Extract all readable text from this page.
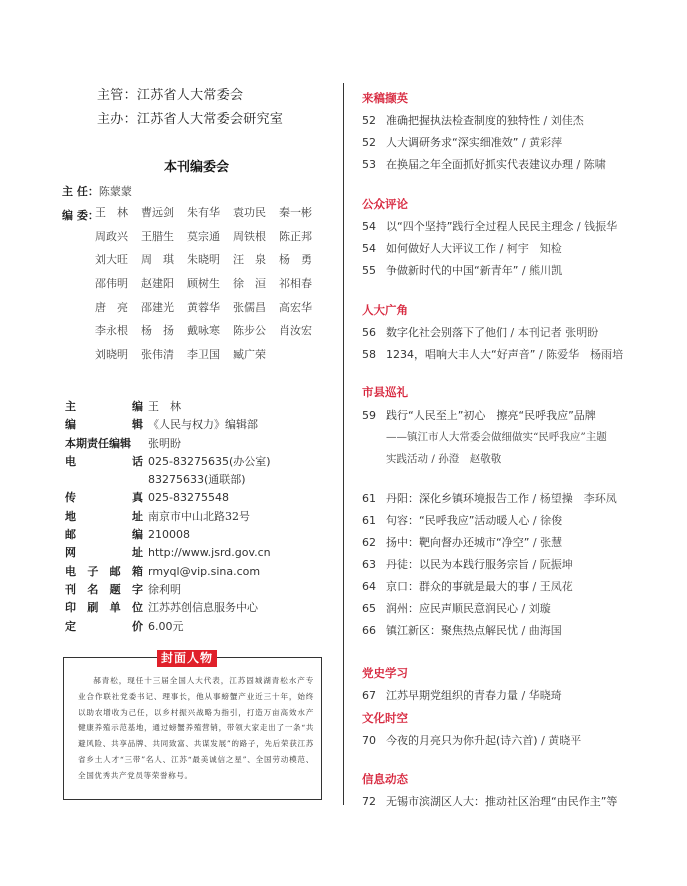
主管：江苏省人大常委会
主办：江苏省人大常委会研究室
本刊编委会
主 任：陈蒙蒙
编 委：
王　林	曹远剑	朱有华	袁功民	秦一彬
周政兴	王腊生	莫宗通	周铁根	陈正邦
刘大旺	周　琪	朱晓明	汪　泉	杨　勇
邵伟明	赵建阳	顾树生	徐　洹	祁相春
唐　亮	邵建光	黄蓉华	张儒昌	高宏华
李永根	杨　扬	戴咏寒	陈步公	肖汝宏
刘晓明	张伟清	李卫国	臧广荣
主	编 王　林
编	辑 《人民与权力》编辑部
本期责任编辑 张明盼
电	话 025-83275635(办公室)
83275633(通联部)
传	真 025-83275548
地	址 南京市中山北路32号
邮	编 210008
网	址 http://www.jsrd.gov.cn
电 子 邮 箱 rmyql@vip.sina.com
刊 名 题 字 徐利明
印 刷 单 位 江苏苏创信息服务中心
定	价 6.00元
封面人物
郝青松，现任十三届全国人大代表，江苏固城湖青松水产专业合作联社党委书记、理事长，他从事螃蟹产业近三十年，始终以助农增收为己任，以乡村振兴战略为指引，打造万亩高效水产健康养殖示范基地，通过螃蟹养殖营销，带领大家走出了一条“共避风险、共享品牌、共同致富、共谋发展”的路子，先后荣获江苏省乡土人才“三带”名人、江苏“最美诚信之星”、全国劳动模范、全国优秀共产党员等荣誉称号。
来稿撷英
52 准确把握执法检查制度的独特性 / 刘佳杰
52 人大调研务求“深实细准效” / 黄彩萍
53 在换届之年全面抓好抓实代表建议办理 / 陈啸
公众评论
54 以“四个坚持”践行全过程人民民主理念 / 钱振华
54 如何做好人大评议工作 / 柯宇　知检
55 争做新时代的中国“新青年” / 熊川凯
人大广角
56 数字化社会别落下了他们 / 本刊记者 张明盼
58 1234，唱响大丰人大“好声音” / 陈爱华　杨雨培
市县巡礼
59 践行“人民至上”初心　擦亮“民呼我应”品牌
——镇江市人大常委会做细做实“民呼我应”主题
实践活动 / 孙澄　赵敬敬
61 丹阳：深化乡镇环境报告工作 / 杨望操　李环凤
61 句容：“民呼我应”活动暖人心 / 徐俊
62 扬中：靶向督办还城市“净空” / 张慧
63 丹徒：以民为本践行服务宗旨 / 阮振坤
64 京口：群众的事就是最大的事 / 王凤花
65 润州：应民声顺民意润民心 / 刘璇
66 镇江新区：聚焦热点解民忧 / 曲海国
党史学习
67 江苏早期党组织的青春力量 / 华晓琦
文化时空
70 今夜的月亮只为你升起(诗六首) / 黄晓平
信息动态
72 无锡市滨湖区人大：推动社区治理“由民作主”等
